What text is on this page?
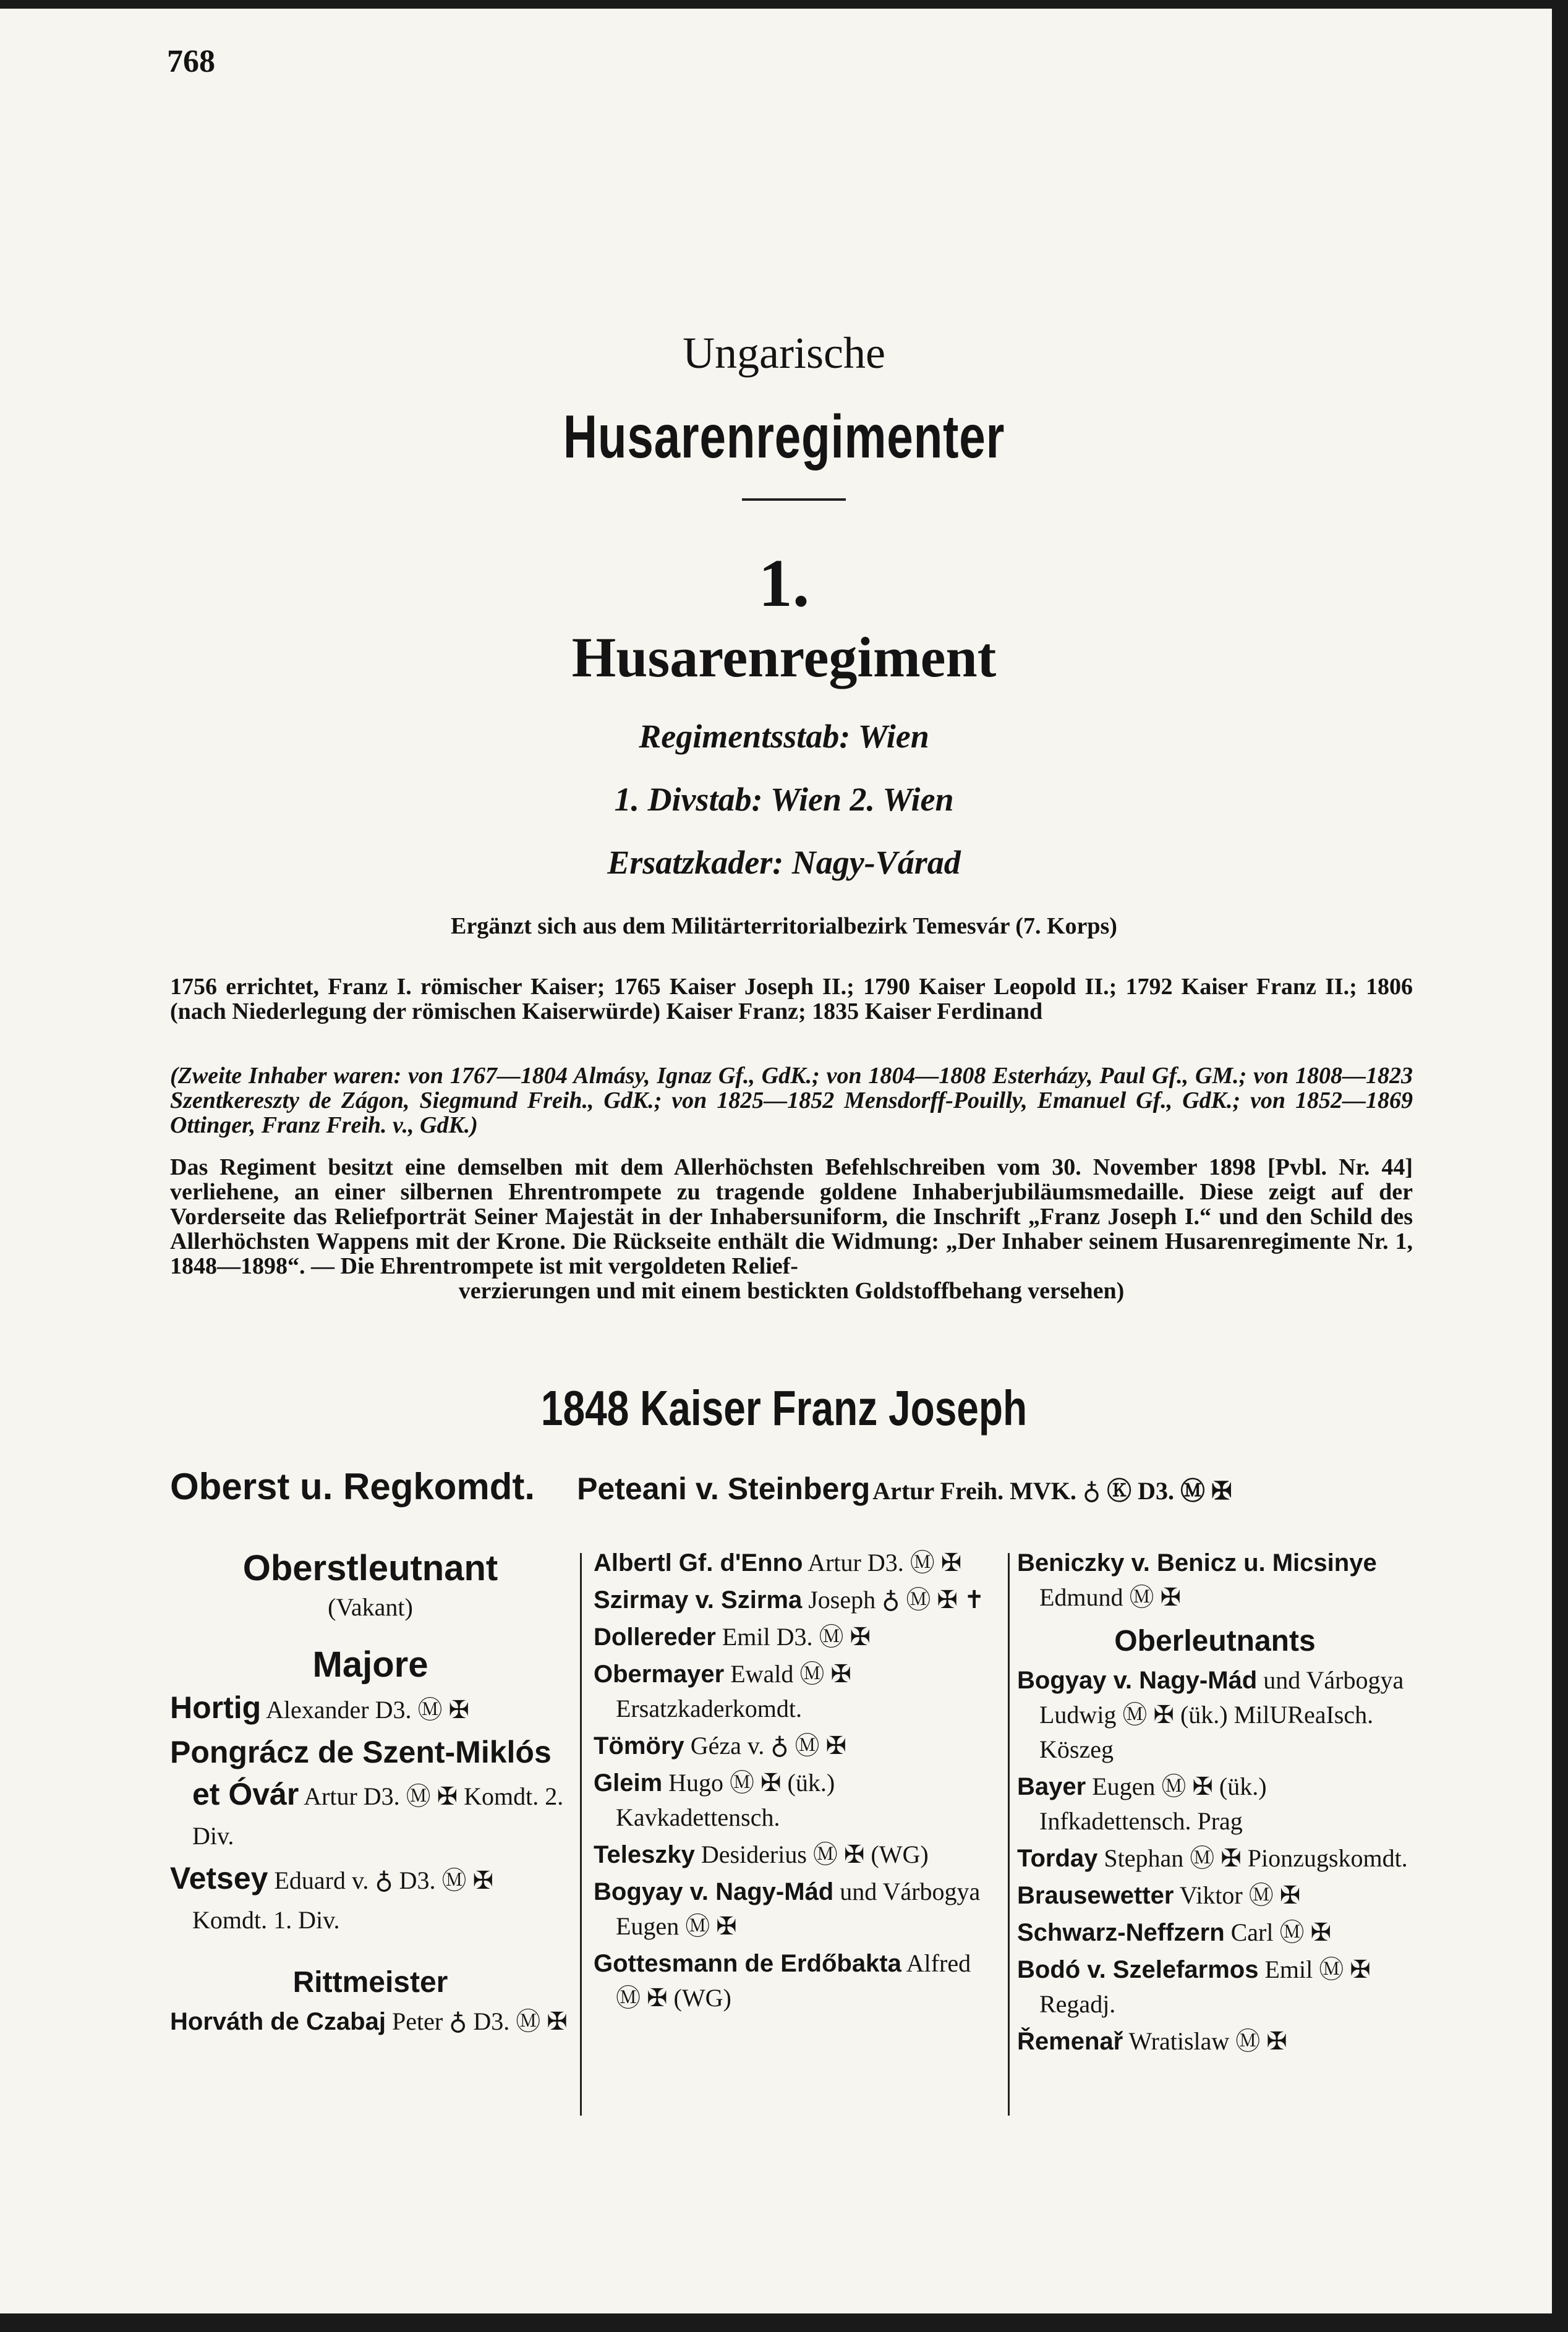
768
Ungarische
Husarenregimenter
1.
Husarenregiment
Regimentsstab: Wien
1. Divstab: Wien 2. Wien
Ersatzkader: Nagy-Várad
Ergänzt sich aus dem Militärterritorialbezirk Temesvár (7. Korps)
1756 errichtet, Franz I. römischer Kaiser; 1765 Kaiser Joseph II.; 1790 Kaiser Leopold II.; 1792 Kaiser Franz II.; 1806 (nach Niederlegung der römischen Kaiserwürde) Kaiser Franz; 1835 Kaiser Ferdinand
(Zweite Inhaber waren: von 1767—1804 Almásy, Ignaz Gf., GdK.; von 1804—1808 Esterházy, Paul Gf., GM.; von 1808—1823 Szentkereszty de Zágon, Siegmund Freih., GdK.; von 1825—1852 Mensdorff-Pouilly, Emanuel Gf., GdK.; von 1852—1869 Ottinger, Franz Freih. v., GdK.)
Das Regiment besitzt eine demselben mit dem Allerhöchsten Befehlschreiben vom 30. November 1898 [Pvbl. Nr. 44] verliehene, an einer silbernen Ehrentrompete zu tragende goldene Inhaberjubiläumsmedaille. Diese zeigt auf der Vorderseite das Reliefporträt Seiner Majestät in der Inhabersuniform, die Inschrift „Franz Joseph I.“ und den Schild des Allerhöchsten Wappens mit der Krone. Die Rückseite enthält die Widmung: „Der Inhaber seinem Husarenregimente Nr. 1, 1848—1898“. — Die Ehrentrompete ist mit vergoldeten Relief-
verzierungen und mit einem bestickten Goldstoffbehang versehen)
1848 Kaiser Franz Joseph
Oberst u. Regkomdt. Peteani v. Steinberg Artur Freih. MVK. ♁ Ⓚ D3. Ⓜ ✠
Oberstleutnant
(Vakant)
Majore
Hortig Alexander D3. Ⓜ ✠
Pongrácz de Szent-Miklós et Óvár Artur D3. Ⓜ ✠ Komdt. 2. Div.
Vetsey Eduard v. ♁ D3. Ⓜ ✠ Komdt. 1. Div.
Rittmeister
Horváth de Czabaj Peter ♁ D3. Ⓜ ✠
Albertl Gf. d'Enno Artur D3. Ⓜ ✠
Szirmay v. Szirma Joseph ♁ Ⓜ ✠ ✝
Dollereder Emil D3. Ⓜ ✠
Obermayer Ewald Ⓜ ✠ Ersatzkaderkomdt.
Tömöry Géza v. ♁ Ⓜ ✠
Gleim Hugo Ⓜ ✠ (ük.) Kavkadettensch.
Teleszky Desiderius Ⓜ ✠ (WG)
Bogyay v. Nagy-Mád und Várbogya Eugen Ⓜ ✠
Gottesmann de Erdőbakta Alfred Ⓜ ✠ (WG)
Beniczky v. Benicz u. Micsinye Edmund Ⓜ ✠
Oberleutnants
Bogyay v. Nagy-Mád und Várbogya Ludwig Ⓜ ✠ (ük.) MilUReaIsch. Köszeg
Bayer Eugen Ⓜ ✠ (ük.) Infkadettensch. Prag
Torday Stephan Ⓜ ✠ Pionzugskomdt.
Brausewetter Viktor Ⓜ ✠
Schwarz-Neffzern Carl Ⓜ ✠
Bodó v. Szelefarmos Emil Ⓜ ✠ Regadj.
Řemenař Wratislaw Ⓜ ✠
